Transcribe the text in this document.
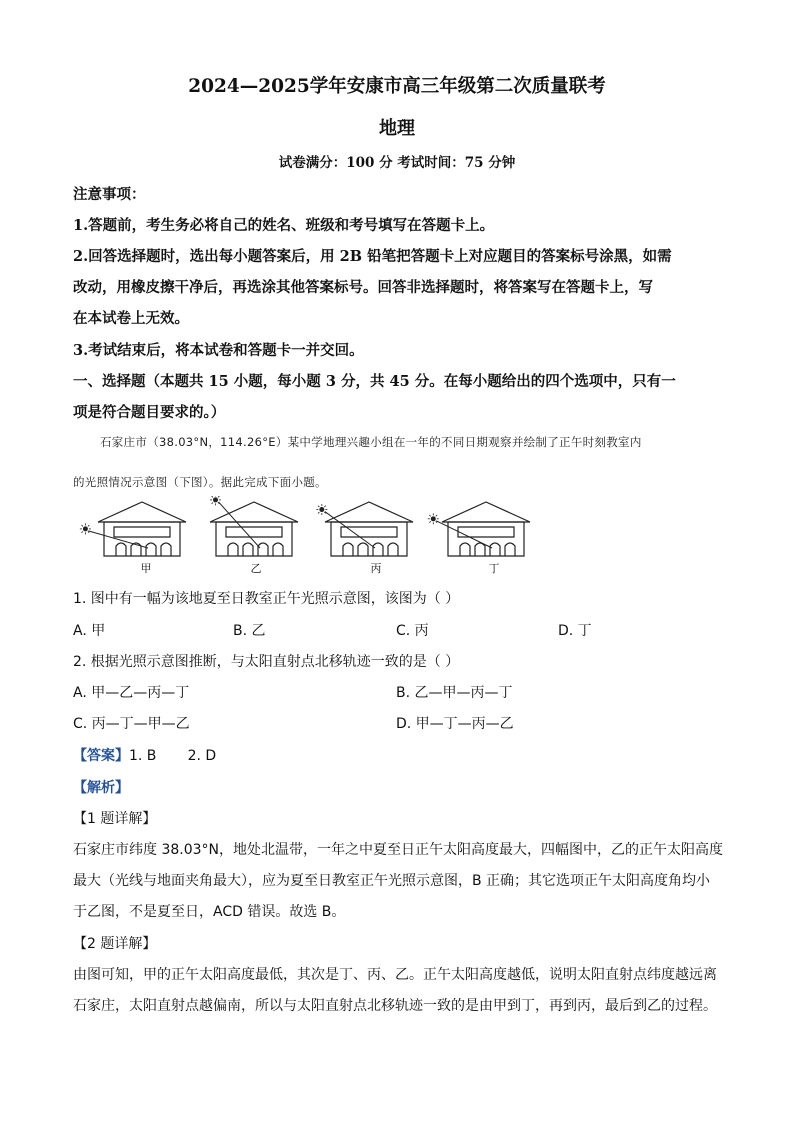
2024—2025学年安康市高三年级第二次质量联考
地理
试卷满分：100 分 考试时间：75 分钟
注意事项：
1.答题前，考生务必将自己的姓名、班级和考号填写在答题卡上。
2.回答选择题时，选出每小题答案后，用 2B 铅笔把答题卡上对应题目的答案标号涂黑，如需
改动，用橡皮擦干净后，再选涂其他答案标号。回答非选择题时，将答案写在答题卡上，写
在本试卷上无效。
3.考试结束后，将本试卷和答题卡一并交回。
一、选择题（本题共 15 小题，每小题 3 分，共 45 分。在每小题给出的四个选项中，只有一
项是符合题目要求的。）
石家庄市（38.03°N，114.26°E）某中学地理兴趣小组在一年的不同日期观察并绘制了正午时刻教室内
的光照情况示意图（下图）。据此完成下面小题。
甲	乙	丙	丁
1. 图中有一幅为该地夏至日教室正午光照示意图，该图为（ ）
A. 甲	B. 乙	C. 丙	D. 丁
2. 根据光照示意图推断，与太阳直射点北移轨迹一致的是（ ）
A. 甲—乙—丙—丁	B. 乙—甲—丙—丁
C. 丙—丁—甲—乙	D. 甲—丁—丙—乙
【答案】1. B       2. D
【解析】
【1 题详解】
石家庄市纬度 38.03°N，地处北温带，一年之中夏至日正午太阳高度最大，四幅图中，乙的正午太阳高度
最大（光线与地面夹角最大），应为夏至日教室正午光照示意图，B 正确；其它选项正午太阳高度角均小
于乙图，不是夏至日，ACD 错误。故选 B。
【2 题详解】
由图可知，甲的正午太阳高度最低，其次是丁、丙、乙。正午太阳高度越低，说明太阳直射点纬度越远离
石家庄，太阳直射点越偏南，所以与太阳直射点北移轨迹一致的是由甲到丁，再到丙，最后到乙的过程。
